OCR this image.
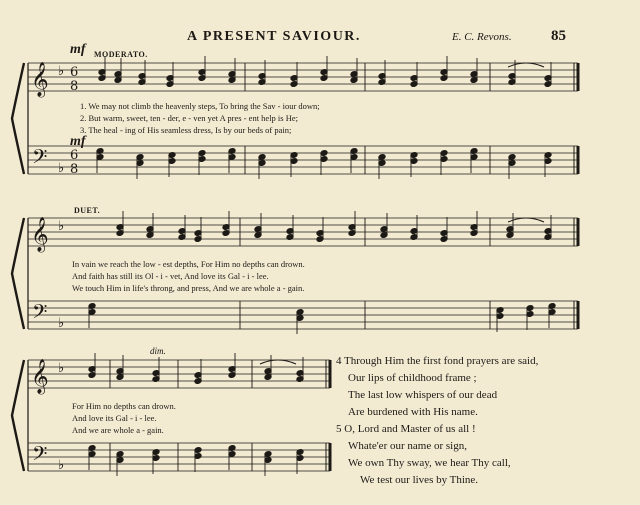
A PRESENT SAVIOUR.	E. C. Revons.	85
mf MODERATO.
mf
DUET.
dim.
𝄞
𝄢
♭
♭
6
8
6
8
𝄞
𝄢
♭
♭
𝄞
𝄢
♭
♭
1. We may not climb the heavenly steps, To bring the Sav - iour down;
2. But warm, sweet, ten - der, e - ven yet A pres - ent help is He;
3. The heal - ing of His seamless dress, Is by our beds of pain;
In vain we reach the low - est depths, For Him no depths can drown.
And faith has still its Ol - i - vet, And love its Gal - i - lee.
We touch Him in life's throng, and press, And we are whole a - gain.
For Him no depths can drown.
And love its Gal - i - lee.
And we are whole a - gain.
4 Through Him the first fond prayers are said,
Our lips of childhood frame ;
The last low whispers of our dead
Are burdened with His name.
5 O, Lord and Master of us all !
Whate'er our name or sign,
We own Thy sway, we hear Thy call,
We test our lives by Thine.
